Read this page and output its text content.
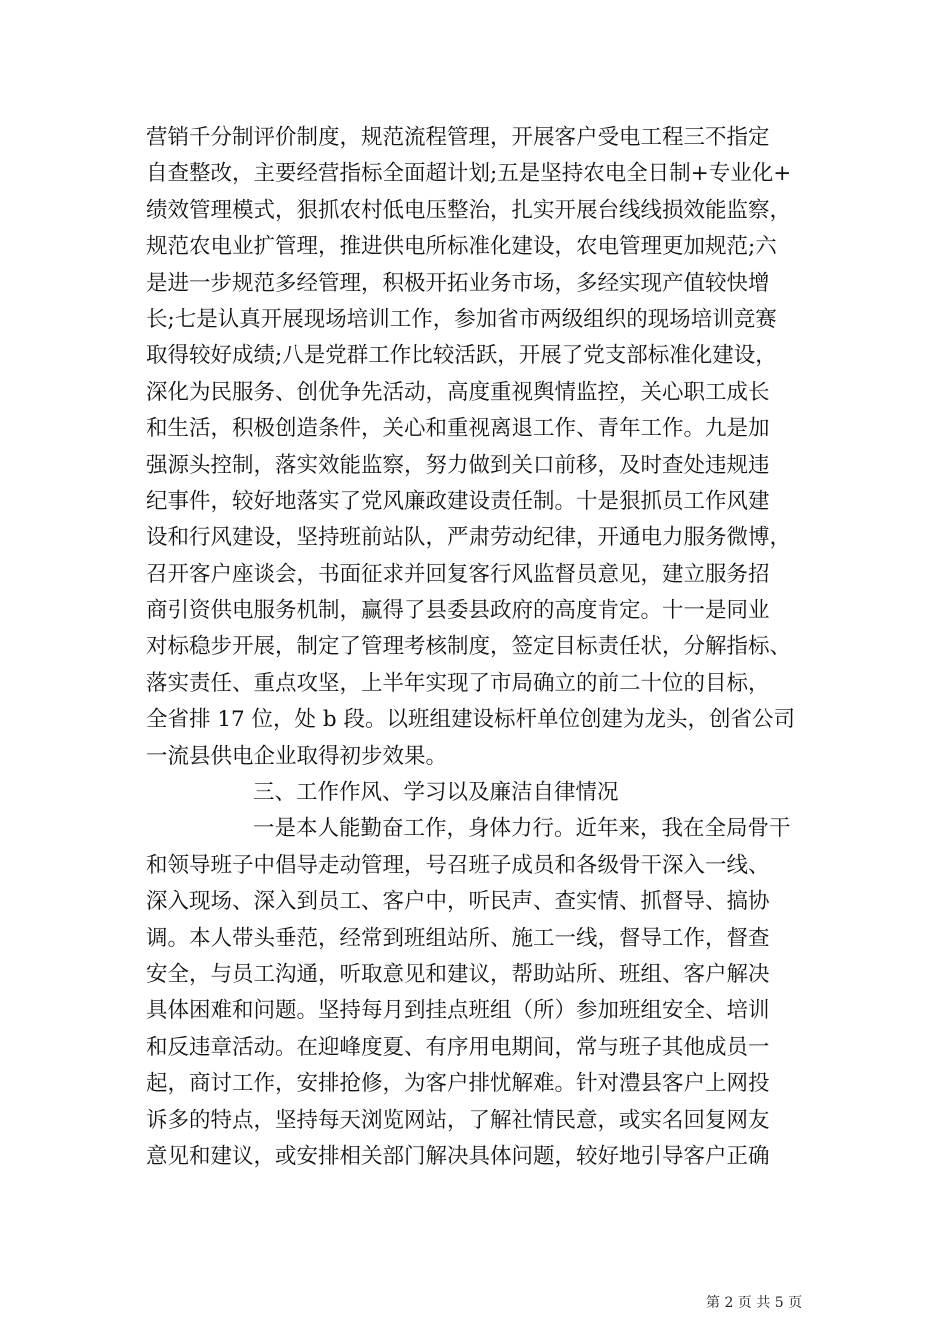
营销千分制评价制度，规范流程管理，开展客户受电工程三不指定
自查整改，主要经营指标全面超计划;五是坚持农电全日制+专业化+
绩效管理模式，狠抓农村低电压整治，扎实开展台线线损效能监察，
规范农电业扩管理，推进供电所标准化建设，农电管理更加规范;六
是进一步规范多经管理，积极开拓业务市场，多经实现产值较快增
长;七是认真开展现场培训工作，参加省市两级组织的现场培训竞赛
取得较好成绩;八是党群工作比较活跃，开展了党支部标准化建设，
深化为民服务、创优争先活动，高度重视舆情监控，关心职工成长
和生活，积极创造条件，关心和重视离退工作、青年工作。九是加
强源头控制，落实效能监察，努力做到关口前移，及时查处违规违
纪事件，较好地落实了党风廉政建设责任制。十是狠抓员工作风建
设和行风建设，坚持班前站队，严肃劳动纪律，开通电力服务微博，
召开客户座谈会，书面征求并回复客行风监督员意见，建立服务招
商引资供电服务机制，赢得了县委县政府的高度肯定。十一是同业
对标稳步开展，制定了管理考核制度，签定目标责任状，分解指标、
落实责任、重点攻坚，上半年实现了市局确立的前二十位的目标，
全省排 17 位，处 b 段。以班组建设标杆单位创建为龙头，创省公司
一流县供电企业取得初步效果。
三、工作作风、学习以及廉洁自律情况
一是本人能勤奋工作，身体力行。近年来，我在全局骨干
和领导班子中倡导走动管理，号召班子成员和各级骨干深入一线、
深入现场、深入到员工、客户中，听民声、查实情、抓督导、搞协
调。本人带头垂范，经常到班组站所、施工一线，督导工作，督查
安全，与员工沟通，听取意见和建议，帮助站所、班组、客户解决
具体困难和问题。坚持每月到挂点班组（所）参加班组安全、培训
和反违章活动。在迎峰度夏、有序用电期间，常与班子其他成员一
起，商讨工作，安排抢修，为客户排忧解难。针对澧县客户上网投
诉多的特点，坚持每天浏览网站，了解社情民意，或实名回复网友
意见和建议，或安排相关部门解决具体问题，较好地引导客户正确
第 2 页 共 5 页
